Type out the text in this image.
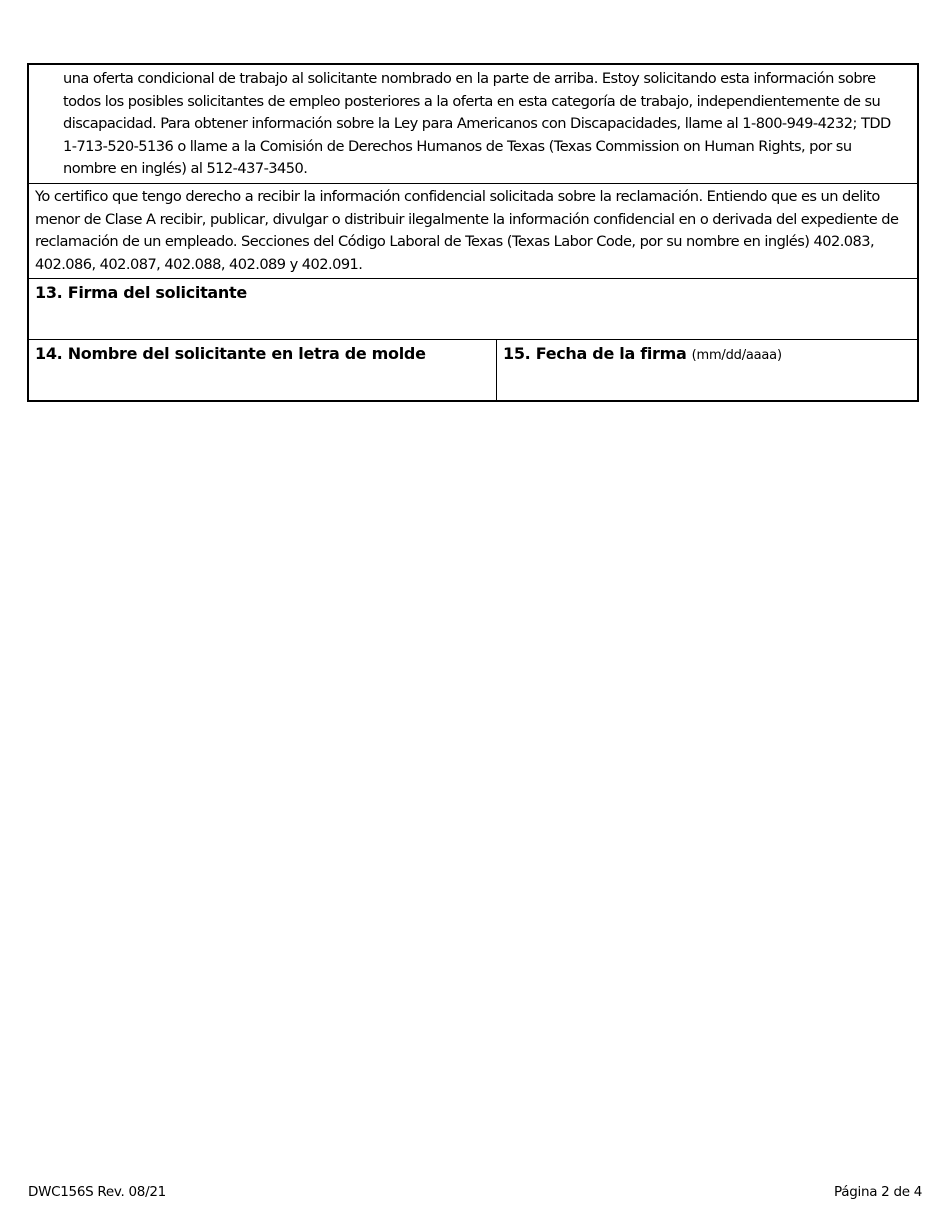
una oferta condicional de trabajo al solicitante nombrado en la parte de arriba. Estoy solicitando esta información sobre todos los posibles solicitantes de empleo posteriores a la oferta en esta categoría de trabajo, independientemente de su discapacidad. Para obtener información sobre la Ley para Americanos con Discapacidades, llame al 1-800-949-4232; TDD 1-713-520-5136 o llame a la Comisión de Derechos Humanos de Texas (Texas Commission on Human Rights, por su nombre en inglés) al 512-437-3450.
Yo certifico que tengo derecho a recibir la información confidencial solicitada sobre la reclamación. Entiendo que es un delito menor de Clase A recibir, publicar, divulgar o distribuir ilegalmente la información confidencial en o derivada del expediente de reclamación de un empleado. Secciones del Código Laboral de Texas (Texas Labor Code, por su nombre en inglés) 402.083, 402.086, 402.087, 402.088, 402.089 y 402.091.
13. Firma del solicitante
14. Nombre del solicitante en letra de molde	15. Fecha de la firma (mm/dd/aaaa)
DWC156S Rev. 08/21	Página 2 de 4
